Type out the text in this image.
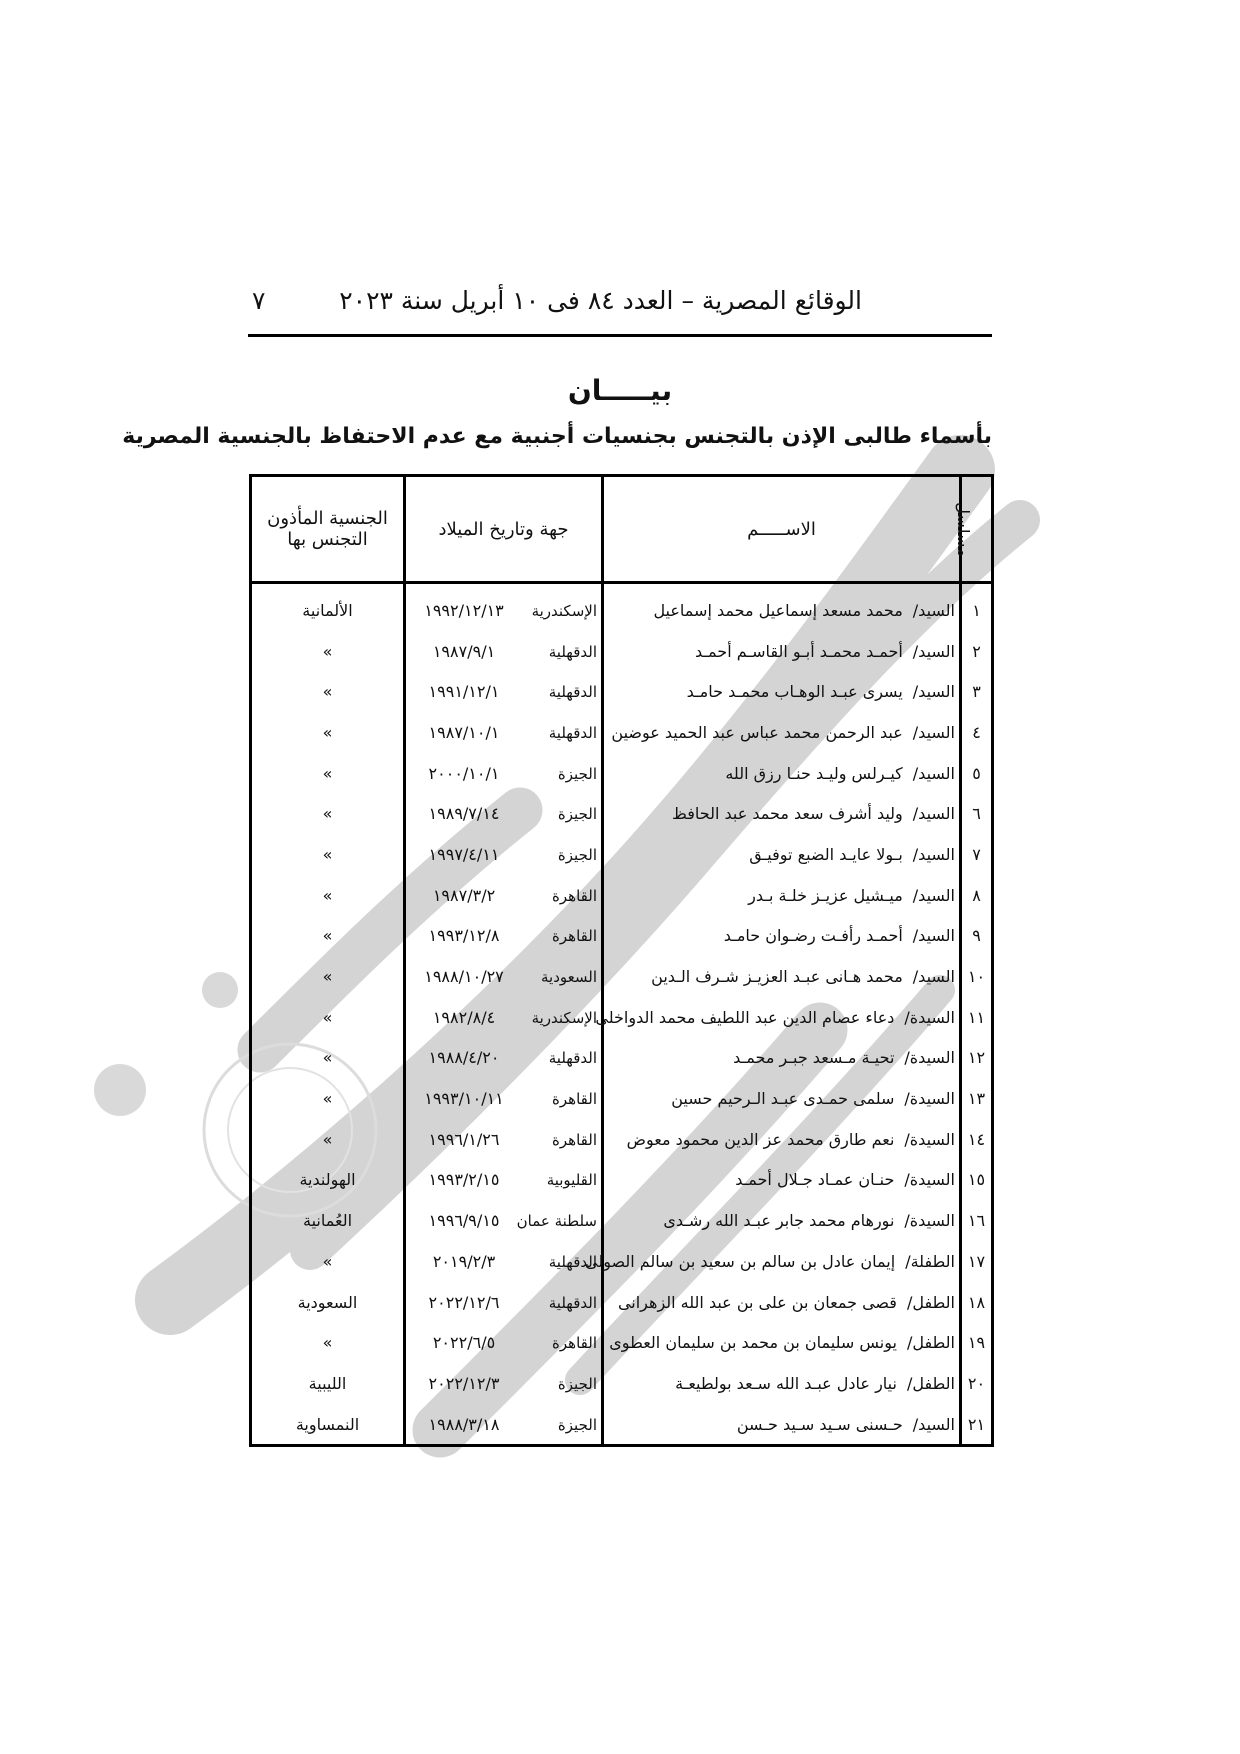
الوقائع المصرية – العدد ٨٤ فى ١٠ أبريل سنة ٢٠٢٣
٧
بيـــــان
بأسماء طالبى الإذن بالتجنس بجنسيات أجنبية مع عدم الاحتفاظ بالجنسية المصرية
مسلسل	الاســـــم	جهة وتاريخ الميلاد	الجنسية المأذون
التجنس بها

١	السيد/محمد مسعد إسماعيل محمد إسماعيل	الإسكندرية١٩٩٢/١٢/١٣	الألمانية
٢	السيد/أحمـد محمـد أبـو القاسـم أحمـد	الدقهلية١٩٨٧/٩/١	»
٣	السيد/يسرى عبـد الوهـاب محمـد حامـد	الدقهلية١٩٩١/١٢/١	»
٤	السيد/عبد الرحمن محمد عباس عبد الحميد عوضين	الدقهلية١٩٨٧/١٠/١	»
٥	السيد/كيـرلس وليـد حنـا رزق الله	الجيزة٢٠٠٠/١٠/١	»
٦	السيد/وليد أشرف سعد محمد عبد الحافظ	الجيزة١٩٨٩/٧/١٤	»
٧	السيد/بـولا عايـد الضبع توفيـق	الجيزة١٩٩٧/٤/١١	»
٨	السيد/ميـشيل عزيـز خلـة بـدر	القاهرة١٩٨٧/٣/٢	»
٩	السيد/أحمـد رأفـت رضـوان حامـد	القاهرة١٩٩٣/١٢/٨	»
١٠	السيد/محمد هـانى عبـد العزيـز شـرف الـدين	السعودية١٩٨٨/١٠/٢٧	»
١١	السيدة/دعاء عصام الدين عبد اللطيف محمد الدواخلى	الإسكندرية١٩٨٢/٨/٤	»
١٢	السيدة/تحيـة مـسعد جبـر محمـد	الدقهلية١٩٨٨/٤/٢٠	»
١٣	السيدة/سلمى حمـدى عبـد الـرحيم حسين	القاهرة١٩٩٣/١٠/١١	»
١٤	السيدة/نعم طارق محمد عز الدين محمود معوض	القاهرة١٩٩٦/١/٢٦	»
١٥	السيدة/حنـان عمـاد جـلال أحمـد	القليوبية١٩٩٣/٢/١٥	الهولندية
١٦	السيدة/نورهام محمد جابر عبـد الله رشـدى	سلطنة عمان١٩٩٦/٩/١٥	العُمانية
١٧	الطفلة/إيمان عادل بن سالم بن سعيد بن سالم الصولى	الدقهلية٢٠١٩/٢/٣	»
١٨	الطفل/قصى جمعان بن على بن عبد الله الزهرانى	الدقهلية٢٠٢٢/١٢/٦	السعودية
١٩	الطفل/يونس سليمان بن محمد بن سليمان العطوى	القاهرة٢٠٢٢/٦/٥	»
٢٠	الطفل/نيار عادل عبـد الله سـعد بولطيعـة	الجيزة٢٠٢٢/١٢/٣	الليبية
٢١	السيد/حـسنى سـيد سـيد حـسن	الجيزة١٩٨٨/٣/١٨	النمساوية
